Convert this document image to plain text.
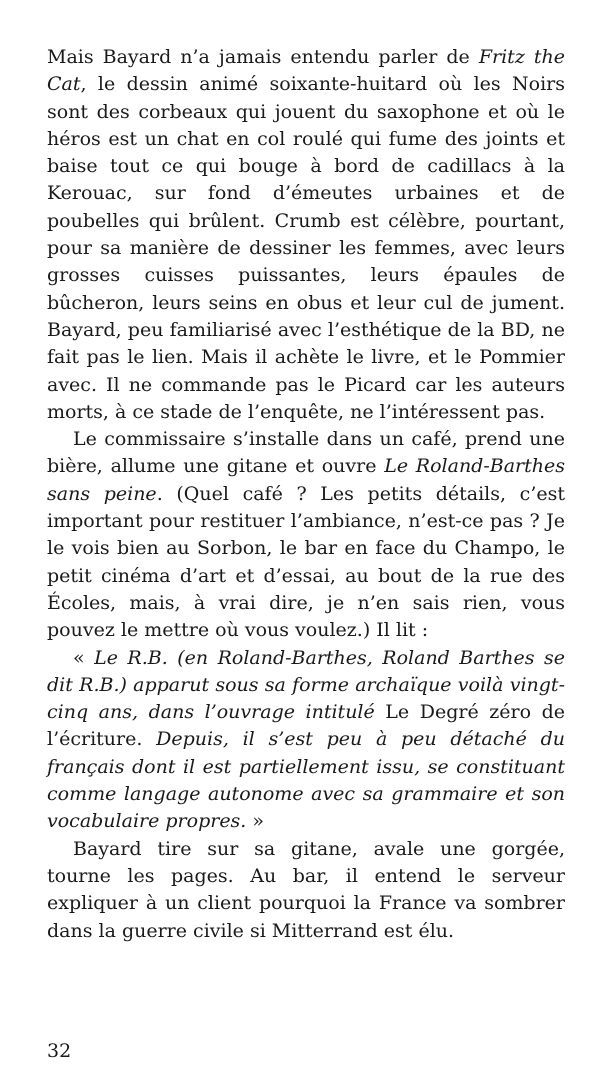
Mais Bayard n’a jamais entendu parler de Fritz the Cat, le dessin animé soixante-huitard où les Noirs sont des corbeaux qui jouent du saxophone et où le héros est un chat en col roulé qui fume des joints et baise tout ce qui bouge à bord de cadillacs à la Kerouac, sur fond d’émeutes urbaines et de poubelles qui brûlent. Crumb est célèbre, pourtant, pour sa manière de dessiner les femmes, avec leurs grosses cuisses puissantes, leurs épaules de bûcheron, leurs seins en obus et leur cul de jument. Bayard, peu familiarisé avec l’esthétique de la BD, ne fait pas le lien. Mais il achète le livre, et le Pommier avec. Il ne commande pas le Picard car les auteurs morts, à ce stade de l’enquête, ne l’intéressent pas.

Le commissaire s’installe dans un café, prend une bière, allume une gitane et ouvre Le Roland-Barthes sans peine. (Quel café ? Les petits détails, c’est important pour restituer l’ambiance, n’est-ce pas ? Je le vois bien au Sorbon, le bar en face du Champo, le petit cinéma d’art et d’essai, au bout de la rue des Écoles, mais, à vrai dire, je n’en sais rien, vous pouvez le mettre où vous voulez.) Il lit :

« Le R.B. (en Roland-Barthes, Roland Barthes se dit R.B.) apparut sous sa forme archaïque voilà vingt-cinq ans, dans l’ouvrage intitulé Le Degré zéro de l’écriture. Depuis, il s’est peu à peu détaché du français dont il est partiellement issu, se constituant comme langage autonome avec sa grammaire et son vocabulaire propres. »

Bayard tire sur sa gitane, avale une gorgée, tourne les pages. Au bar, il entend le serveur expliquer à un client pourquoi la France va sombrer dans la guerre civile si Mitterrand est élu.

32
